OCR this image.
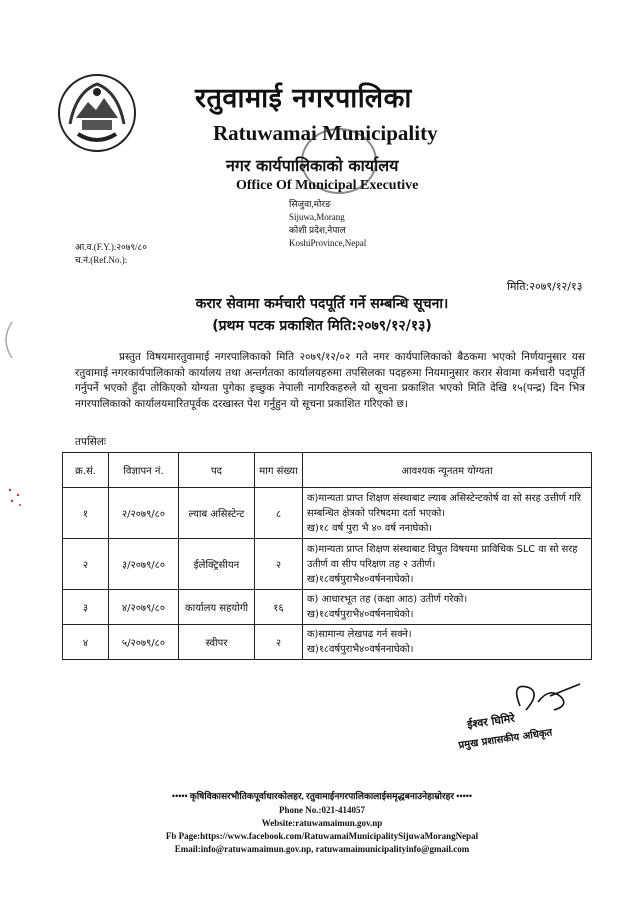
रतुवामाई नगरपालिका
Ratuwamai Municipality
नगर कार्यपालिकाको कार्यालय
Office Of Municipal Executive
सिजुवा,मोरङ
Sijuwa,Morang
कोशी प्रदेश,नेपाल
KoshiProvince,Nepal
आ.व.(F.Y.):२०७९/८०
च.नं.(Ref.No.):
मिति:२०७९/१२/१३
करार सेवामा कर्मचारी पदपूर्ति गर्ने सम्बन्धि सूचना।
(प्रथम पटक प्रकाशित मिति:२०७९/१२/१३)
प्रस्तुत विषयमारतुवामाई नगरपालिकाको मिति २०७९/१२/०२ गते नगर कार्यपालिकाको बैठकमा भएको निर्णयानुसार यस रतुवामाई नगरकार्यपालिकाको कार्यालय तथा अन्तर्गतका कार्यालयहरुमा तपसिलका पदहरुमा नियमानुसार करार सेवामा कर्मचारी पदपूर्ति गर्नुपर्ने भएको हुँदा तोकिएको योग्यता पुगेका इच्छुक नेपाली नागरिकहरुले यो सूचना प्रकाशित भएको मिति देखि १५(पन्द्र) दिन भित्र नगरपालिकाको कार्यालयमारितपूर्वक दरखास्त पेश गर्नुहुन यो सूचना प्रकाशित गरिएको छ।
तपसिलः
क्र.सं.	विज्ञापन नं.	पद	माग संख्या	आवश्यक न्यूनतम योग्यता
१	२/२०७९/८०	ल्याब असिस्टेन्ट	८	क)मान्यता प्राप्त शिक्षण संस्थाबाट ल्याब असिस्टेन्टकोर्ष वा सो सरह उत्तीर्ण गरि सम्बन्धित क्षेत्रको परिषदमा दर्ता भएको।
ख)१८ वर्ष पुरा भै ४० वर्ष ननाघेको।

२	३/२०७९/८०	ईलेक्ट्रिसीयन	२	क)मान्यता प्राप्त शिक्षण संस्थाबाट विघुत विषयमा प्राविधिक SLC वा सो सरह उतीर्ण वा सीप परिक्षण तह २ उतीर्ण।
ख)१८वर्षपुराभै४०वर्षननाघेको।

३	४/२०७९/८०	कार्यालय सहयोगी	१६	क) आधारभूत तह (कक्षा आठ) उतीर्ण गरेको।
ख)१८वर्षपुराभै४०वर्षननाघेको।

४	५/२०७९/८०	स्वीपर	२	क)सामान्य लेखपढ गर्न सक्ने।
ख)१८वर्षपुराभै४०वर्षननाघेको।
ईश्वर घिमिरे
प्रमुख प्रशासकीय अधिकृत
••••• कृषिविकासरभौतिकपूर्वाधारकोलहर, रतुवामाईनगरपालिकालाईसमृद्धबनाउनेहाम्रोरहर •••••
Phone No.:021-414057
Website:ratuwamaimun.gov.np
Fb Page:https://www.facebook.com/RatuwamaiMunicipalitySijuwaMorangNepal
Email:info@ratuwamaimun.gov.np, ratuwamaimunicipalityinfo@gmail.com
